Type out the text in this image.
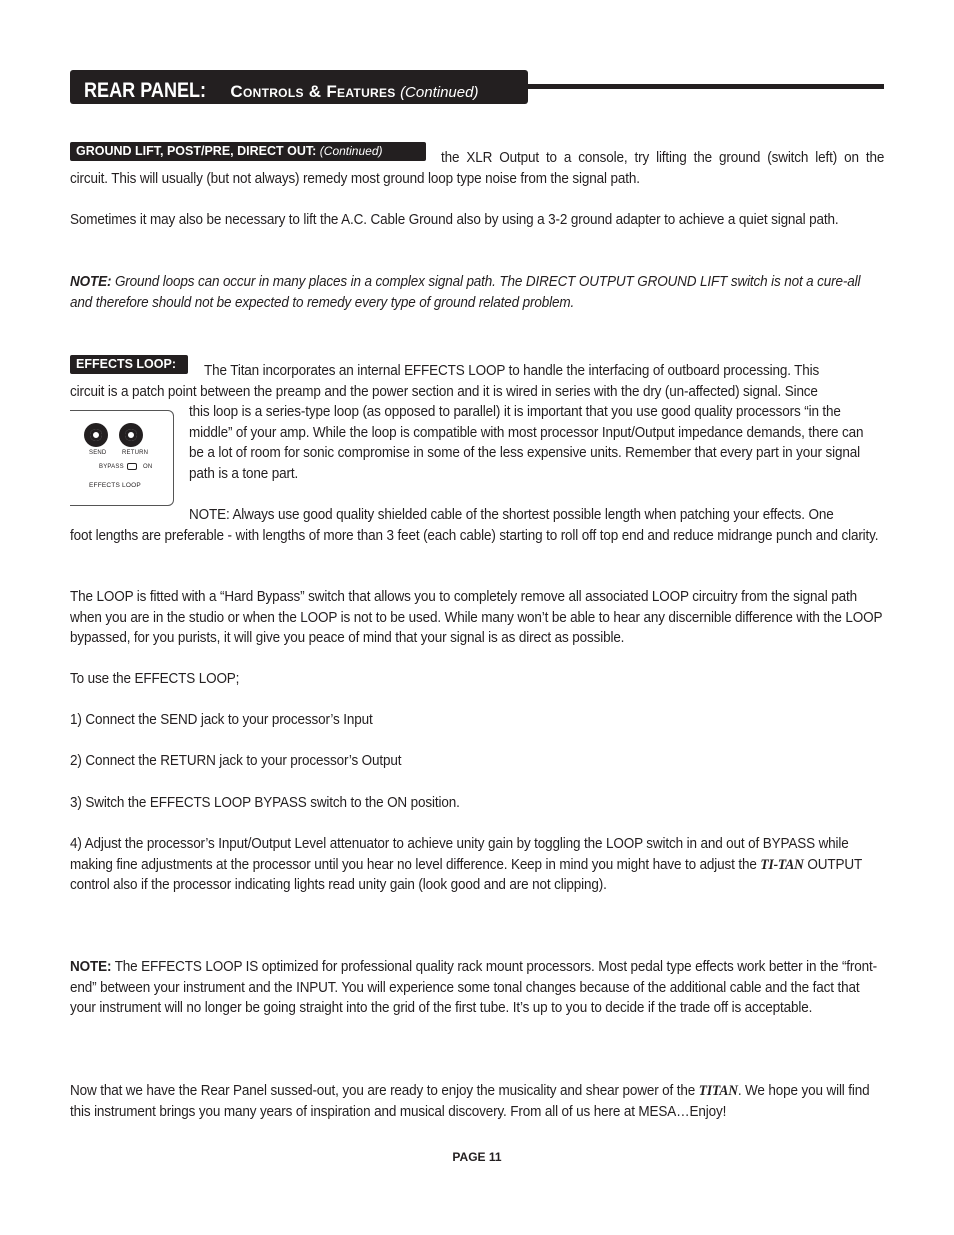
REAR PANEL: Controls & Features (Continued)
GROUND LIFT, POST/PRE, DIRECT OUT: (Continued)	the XLR Output to a console, try lifting the ground (switch left) on the
circuit. This will usually (but not always) remedy most ground loop type noise from the signal path.
Sometimes it may also be necessary to lift the A.C. Cable Ground also by using a 3-2 ground adapter to achieve a quiet signal path.
NOTE: Ground loops can occur in many places in a complex signal path. The DIRECT OUTPUT GROUND LIFT switch is not a cure-all and therefore should not be expected to remedy every type of ground related problem.
EFFECTS LOOP:	The Titan incorporates an internal EFFECTS LOOP to handle the interfacing of outboard processing. This
circuit is a patch point between the preamp and the power section and it is wired in series with the dry (un-affected) signal. Since
SEND	RETURN
BYPASS	ON
EFFECTS LOOP
this loop is a series-type loop (as opposed to parallel) it is important that you use good quality processors “in the middle” of your amp. While the loop is compatible with most processor Input/Output impedance demands, there can be a lot of room for sonic compromise in some of the less expensive units. Remember that every part in your signal path is a tone part.
NOTE: Always use good quality shielded cable of the shortest possible length when patching your effects. One
foot lengths are preferable - with lengths of more than 3 feet (each cable) starting to roll off top end and reduce midrange punch and clarity.
The LOOP is fitted with a “Hard Bypass” switch that allows you to completely remove all associated LOOP circuitry from the signal path when you are in the studio or when the LOOP is not to be used. While many won’t be able to hear any discernible difference with the LOOP bypassed, for you purists, it will give you peace of mind that your signal is as direct as possible.
To use the EFFECTS LOOP;
1) Connect the SEND jack to your processor’s Input
2) Connect the RETURN jack to your processor’s Output
3) Switch the EFFECTS LOOP BYPASS switch to the ON position.
4) Adjust the processor’s Input/Output Level attenuator to achieve unity gain by toggling the LOOP switch in and out of BYPASS while making fine adjustments at the processor until you hear no level difference. Keep in mind you might have to adjust the TI-TAN OUTPUT control also if the processor indicating lights read unity gain (look good and are not clipping).
NOTE: The EFFECTS LOOP IS optimized for professional quality rack mount processors. Most pedal type effects work better in the “front-end” between your instrument and the INPUT. You will experience some tonal changes because of the additional cable and the fact that your instrument will no longer be going straight into the grid of the first tube. It’s up to you to decide if the trade off is acceptable.
Now that we have the Rear Panel sussed-out, you are ready to enjoy the musicality and shear power of the TITAN. We hope you will find this instrument brings you many years of inspiration and musical discovery. From all of us here at MESA…Enjoy!
PAGE 11
